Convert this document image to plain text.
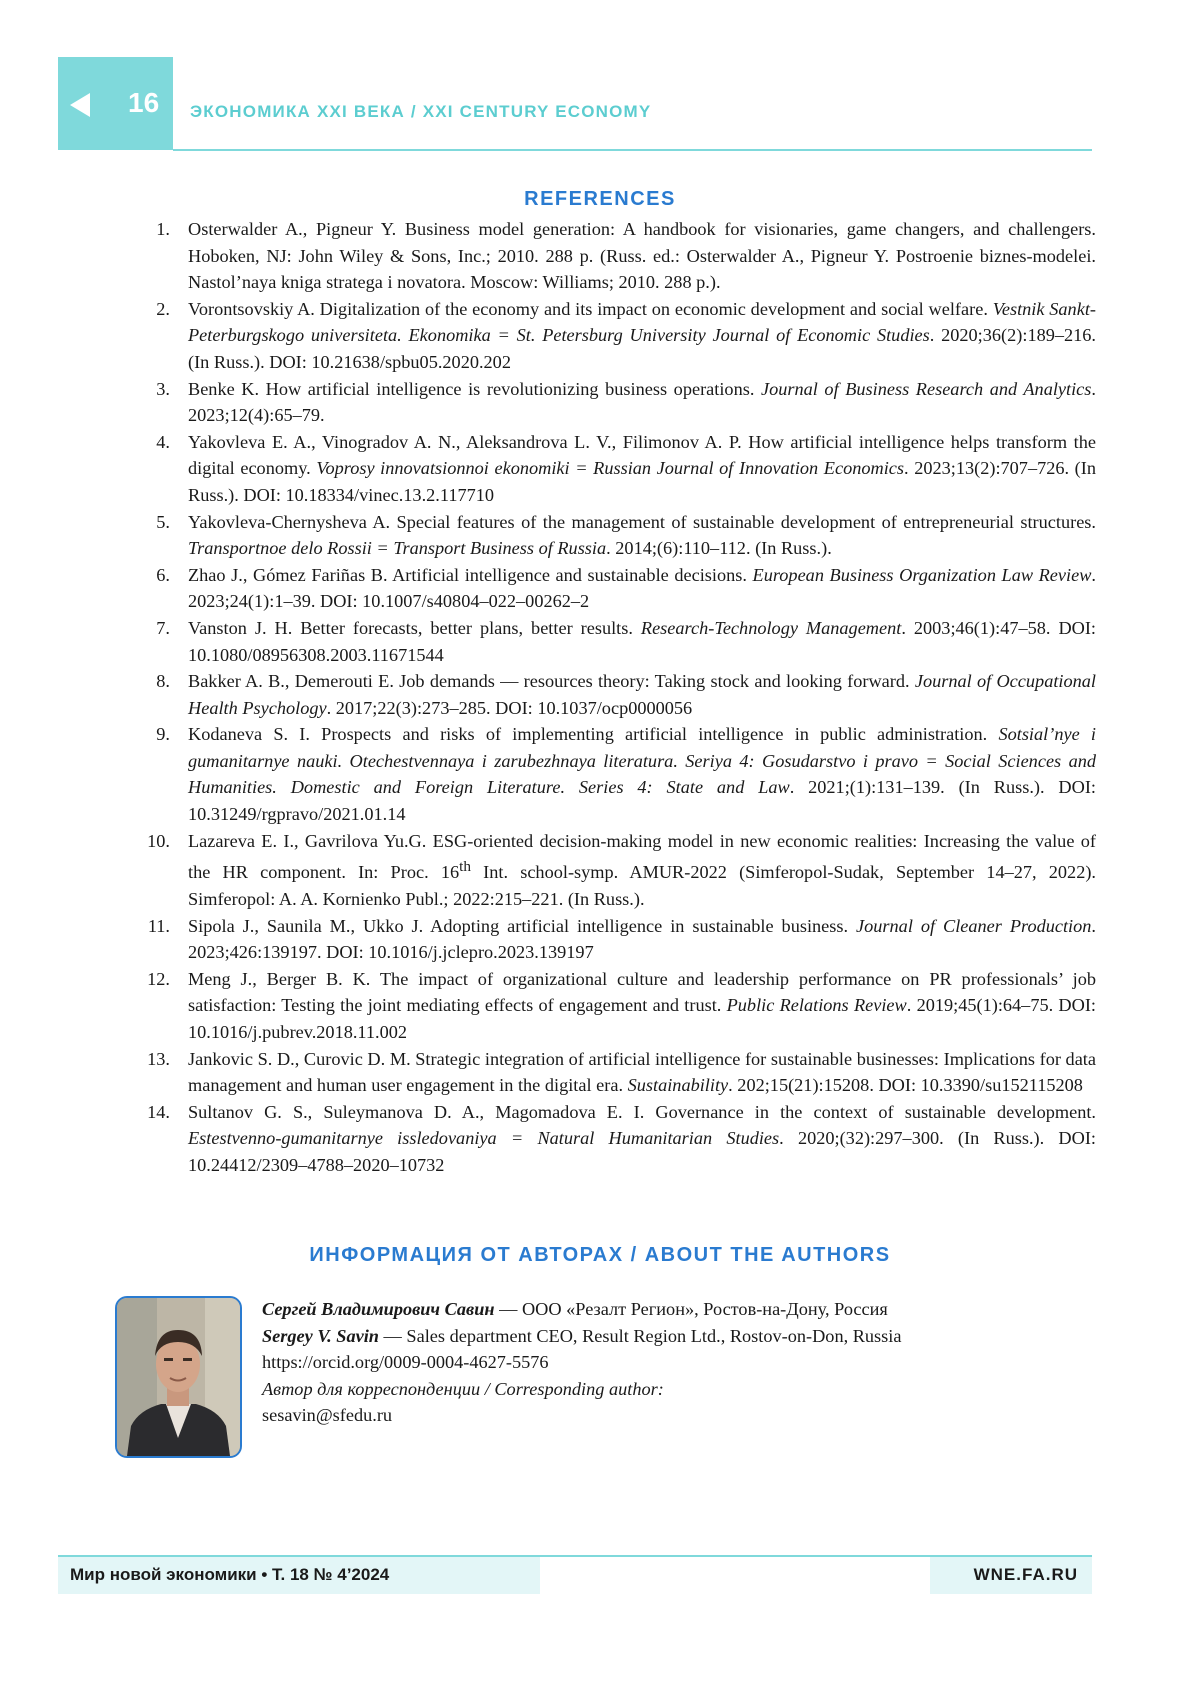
16	ЭКОНОМИКА XXI ВЕКА / XXI CENTURY ECONOMY
REFERENCES
1. Osterwalder A., Pigneur Y. Business model generation: A handbook for visionaries, game changers, and challengers. Hoboken, NJ: John Wiley & Sons, Inc.; 2010. 288 p. (Russ. ed.: Osterwalder A., Pigneur Y. Postroenie biznes-modelei. Nastol’naya kniga stratega i novatora. Moscow: Williams; 2010. 288 p.).
2. Vorontsovskiy A. Digitalization of the economy and its impact on economic development and social welfare. Vestnik Sankt-Peterburgskogo universiteta. Ekonomika = St. Petersburg University Journal of Economic Studies. 2020;36(2):189–216. (In Russ.). DOI: 10.21638/spbu05.2020.202
3. Benke K. How artificial intelligence is revolutionizing business operations. Journal of Business Research and Analytics. 2023;12(4):65–79.
4. Yakovleva E. A., Vinogradov A. N., Aleksandrova L. V., Filimonov A. P. How artificial intelligence helps transform the digital economy. Voprosy innovatsionnoi ekonomiki = Russian Journal of Innovation Economics. 2023;13(2):707–726. (In Russ.). DOI: 10.18334/vinec.13.2.117710
5. Yakovleva-Chernysheva A. Special features of the management of sustainable development of entrepreneurial structures. Transportnoe delo Rossii = Transport Business of Russia. 2014;(6):110–112. (In Russ.).
6. Zhao J., Gómez Fariñas B. Artificial intelligence and sustainable decisions. European Business Organization Law Review. 2023;24(1):1–39. DOI: 10.1007/s40804–022–00262–2
7. Vanston J. H. Better forecasts, better plans, better results. Research-Technology Management. 2003;46(1):47–58. DOI: 10.1080/08956308.2003.11671544
8. Bakker A. B., Demerouti E. Job demands — resources theory: Taking stock and looking forward. Journal of Occupational Health Psychology. 2017;22(3):273–285. DOI: 10.1037/ocp0000056
9. Kodaneva S. I. Prospects and risks of implementing artificial intelligence in public administration. Sotsial’nye i gumanitarnye nauki. Otechestvennaya i zarubezhnaya literatura. Seriya 4: Gosudarstvo i pravo = Social Sciences and Humanities. Domestic and Foreign Literature. Series 4: State and Law. 2021;(1):131–139. (In Russ.). DOI: 10.31249/rgpravo/2021.01.14
10. Lazareva E. I., Gavrilova Yu.G. ESG-oriented decision-making model in new economic realities: Increasing the value of the HR component. In: Proc. 16th Int. school-symp. AMUR-2022 (Simferopol-Sudak, September 14–27, 2022). Simferopol: A. A. Kornienko Publ.; 2022:215–221. (In Russ.).
11. Sipola J., Saunila M., Ukko J. Adopting artificial intelligence in sustainable business. Journal of Cleaner Production. 2023;426:139197. DOI: 10.1016/j.jclepro.2023.139197
12. Meng J., Berger B. K. The impact of organizational culture and leadership performance on PR professionals’ job satisfaction: Testing the joint mediating effects of engagement and trust. Public Relations Review. 2019;45(1):64–75. DOI: 10.1016/j.pubrev.2018.11.002
13. Jankovic S. D., Curovic D. M. Strategic integration of artificial intelligence for sustainable businesses: Implications for data management and human user engagement in the digital era. Sustainability. 202;15(21):15208. DOI: 10.3390/su152115208
14. Sultanov G. S., Suleymanova D. A., Magomadova E. I. Governance in the context of sustainable development. Estestvenno-gumanitarnye issledovaniya = Natural Humanitarian Studies. 2020;(32):297–300. (In Russ.). DOI: 10.24412/2309–4788–2020–10732
ИНФОРМАЦИЯ ОТ АВТОРАХ / ABOUT THE AUTHORS
Сергей Владимирович Савин — ООО «Резалт Регион», Ростов-на-Дону, Россия
Sergey V. Savin — Sales department CEO, Result Region Ltd., Rostov-on-Don, Russia
https://orcid.org/0009-0004-4627-5576
Автор для корреспонденции / Corresponding author:
sesavin@sfedu.ru
Мир новой экономики • Т. 18 № 4’2024	WNE.FA.RU
